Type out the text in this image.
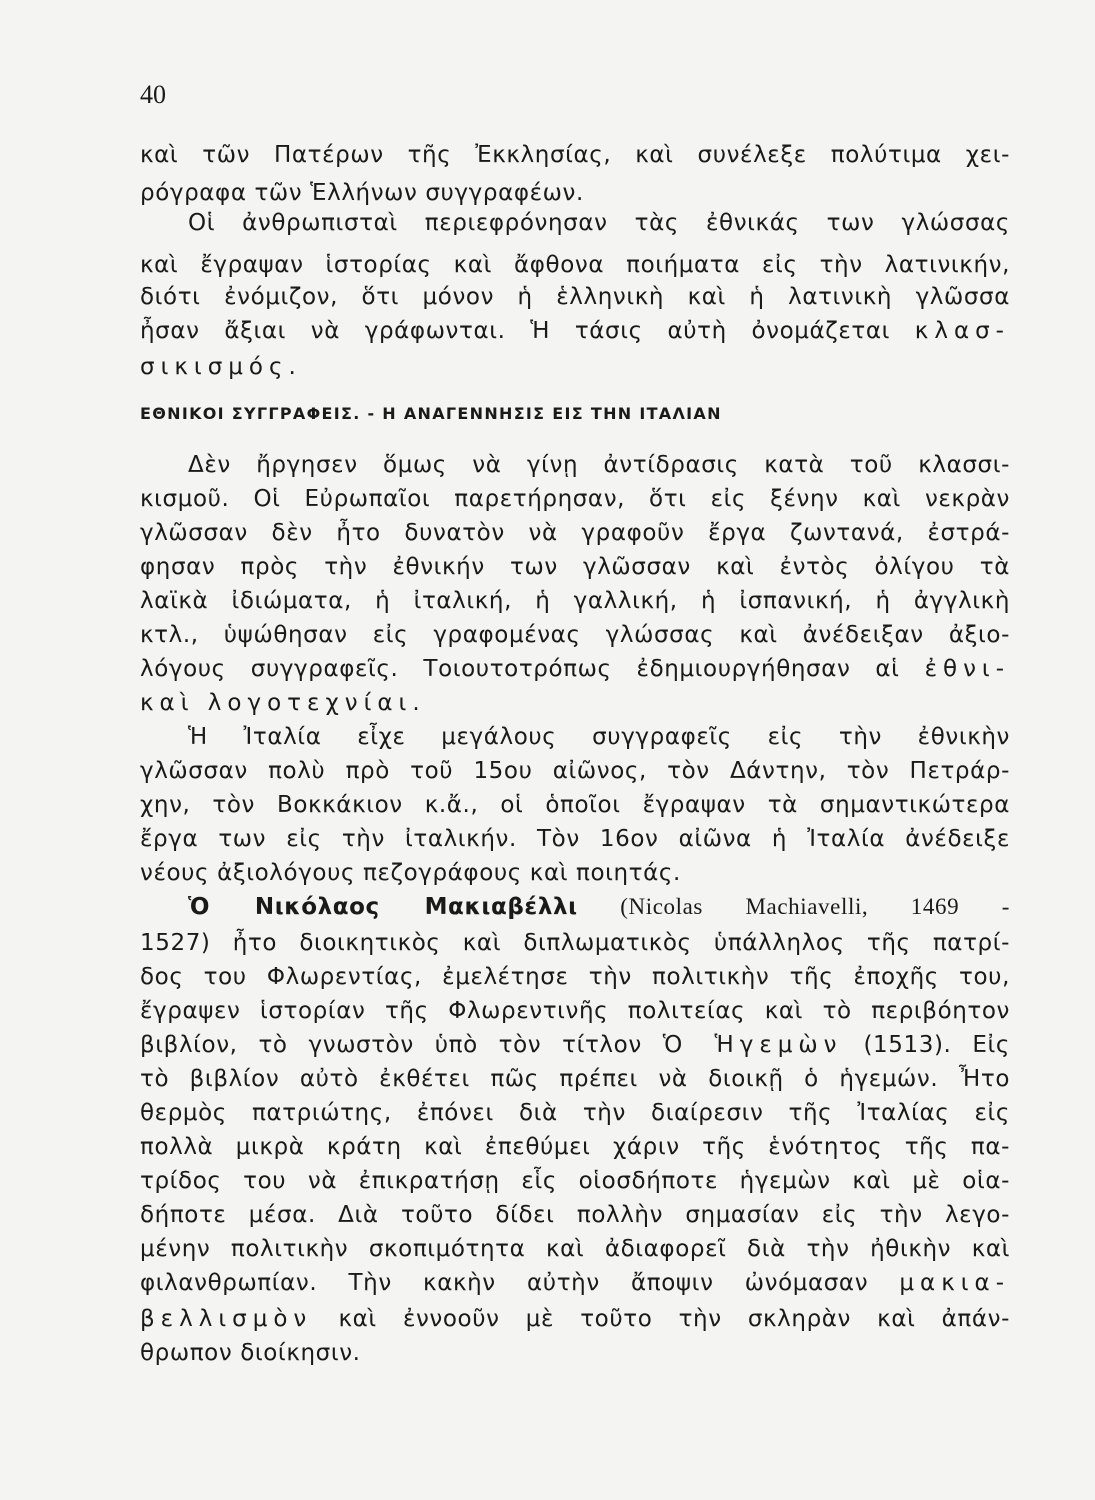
40
καὶ τῶν Πατέρων τῆς Ἐκκλησίας, καὶ συνέλεξε πολύτιμα χει-
ρόγραφα τῶν Ἑλλήνων συγγραφέων.
Οἱ ἀνθρωπισταὶ περιεφρόνησαν τὰς ἐθνικάς των γλώσσας
καὶ ἔγραψαν ἱστορίας καὶ ἄφθονα ποιήματα εἰς τὴν λατινικήν,
διότι ἐνόμιζον, ὅτι μόνον ἡ ἑλληνικὴ καὶ ἡ λατινικὴ γλῶσσα
ἦσαν ἄξιαι νὰ γράφωνται. Ἡ τάσις αὐτὴ ὀνομάζεται κλασ-
σικισμός.
ΕΘΝΙΚΟΙ ΣΥΓΓΡΑΦΕΙΣ. - Η ΑΝΑΓΕΝΝΗΣΙΣ ΕΙΣ ΤΗΝ ΙΤΑΛΙΑΝ
Δὲν ἤργησεν ὅμως νὰ γίνῃ ἀντίδρασις κατὰ τοῦ κλασσι-
κισμοῦ. Οἱ Εὐρωπαῖοι παρετήρησαν, ὅτι εἰς ξένην καὶ νεκρὰν
γλῶσσαν δὲν ἦτο δυνατὸν νὰ γραφοῦν ἔργα ζωντανά, ἐστρά-
φησαν πρὸς τὴν ἐθνικήν των γλῶσσαν καὶ ἐντὸς ὀλίγου τὰ
λαϊκὰ ἰδιώματα, ἡ ἰταλική, ἡ γαλλική, ἡ ἰσπανική, ἡ ἀγγλικὴ
κτλ., ὑψώθησαν εἰς γραφομένας γλώσσας καὶ ἀνέδειξαν ἀξιο-
λόγους συγγραφεῖς. Τοιουτοτρόπως ἐδημιουργήθησαν αἱ ἐθνι-
καὶ λογοτεχνίαι.
Ἡ Ἰταλία εἶχε μεγάλους συγγραφεῖς εἰς τὴν ἐθνικὴν
γλῶσσαν πολὺ πρὸ τοῦ 15ου αἰῶνος, τὸν Δάντην, τὸν Πετράρ-
χην, τὸν Βοκκάκιον κ.ἄ., οἱ ὁποῖοι ἔγραψαν τὰ σημαντικώτερα
ἔργα των εἰς τὴν ἰταλικήν. Τὸν 16ον αἰῶνα ἡ Ἰταλία ἀνέδειξε
νέους ἀξιολόγους πεζογράφους καὶ ποιητάς.
Ὁ Νικόλαος Μακιαβέλλι (Nicolas Machiavelli, 1469 -
1527) ἦτο διοικητικὸς καὶ διπλωματικὸς ὑπάλληλος τῆς πατρί-
δος του Φλωρεντίας, ἐμελέτησε τὴν πολιτικὴν τῆς ἐποχῆς του,
ἔγραψεν ἱστορίαν τῆς Φλωρεντινῆς πολιτείας καὶ τὸ περιβόητον
βιβλίον, τὸ γνωστὸν ὑπὸ τὸν τίτλον Ὁ Ἡγεμὼν (1513). Εἰς
τὸ βιβλίον αὐτὸ ἐκθέτει πῶς πρέπει νὰ διοικῇ ὁ ἡγεμών. Ἦτο
θερμὸς πατριώτης, ἐπόνει διὰ τὴν διαίρεσιν τῆς Ἰταλίας εἰς
πολλὰ μικρὰ κράτη καὶ ἐπεθύμει χάριν τῆς ἑνότητος τῆς πα-
τρίδος του νὰ ἐπικρατήσῃ εἷς οἱοσδήποτε ἡγεμὼν καὶ μὲ οἱα-
δήποτε μέσα. Διὰ τοῦτο δίδει πολλὴν σημασίαν εἰς τὴν λεγο-
μένην πολιτικὴν σκοπιμότητα καὶ ἀδιαφορεῖ διὰ τὴν ἠθικὴν καὶ
φιλανθρωπίαν. Τὴν κακὴν αὐτὴν ἄποψιν ὠνόμασαν μακια-
βελλισμὸν καὶ ἐννοοῦν μὲ τοῦτο τὴν σκληρὰν καὶ ἀπάν-
θρωπον διοίκησιν.
